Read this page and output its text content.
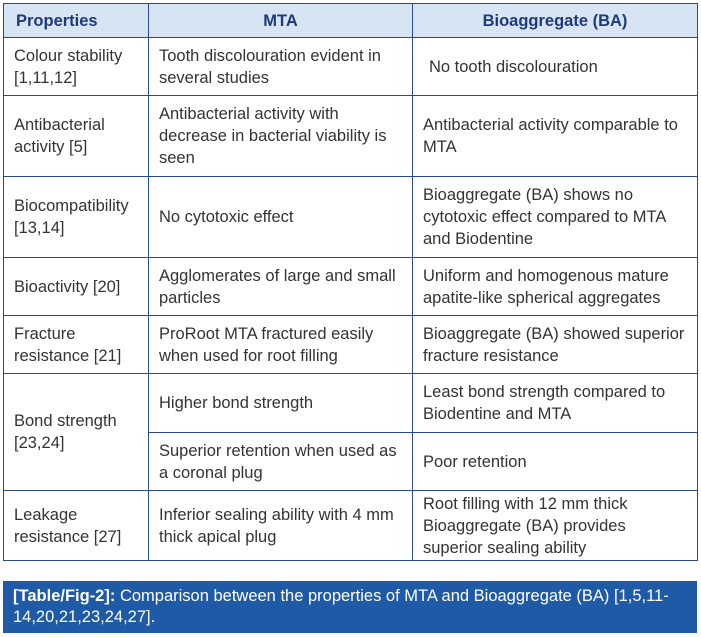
Properties	MTA	Bioaggregate (BA)
Colour stability [1,11,12]	Tooth discolouration evident in several studies	No tooth discolouration
Antibacterial activity [5]	Antibacterial activity with decrease in bacterial viability is seen	Antibacterial activity comparable to MTA
Biocompatibility [13,14]	No cytotoxic effect	Bioaggregate (BA) shows no cytotoxic effect compared to MTA and Biodentine
Bioactivity [20]	Agglomerates of large and small particles	Uniform and homogenous mature apatite-like spherical aggregates
Fracture resistance [21]	ProRoot MTA fractured easily when used for root filling	Bioaggregate (BA) showed superior fracture resistance
Bond strength [23,24]	Higher bond strength	Least bond strength compared to Biodentine and MTA
	Superior retention when used as a coronal plug	Poor retention
Leakage resistance [27]	Inferior sealing ability with 4 mm thick apical plug	Root filling with 12 mm thick Bioaggregate (BA) provides superior sealing ability
[Table/Fig-2]: Comparison between the properties of MTA and Bioaggregate (BA) [1,5,11-14,20,21,23,24,27].
